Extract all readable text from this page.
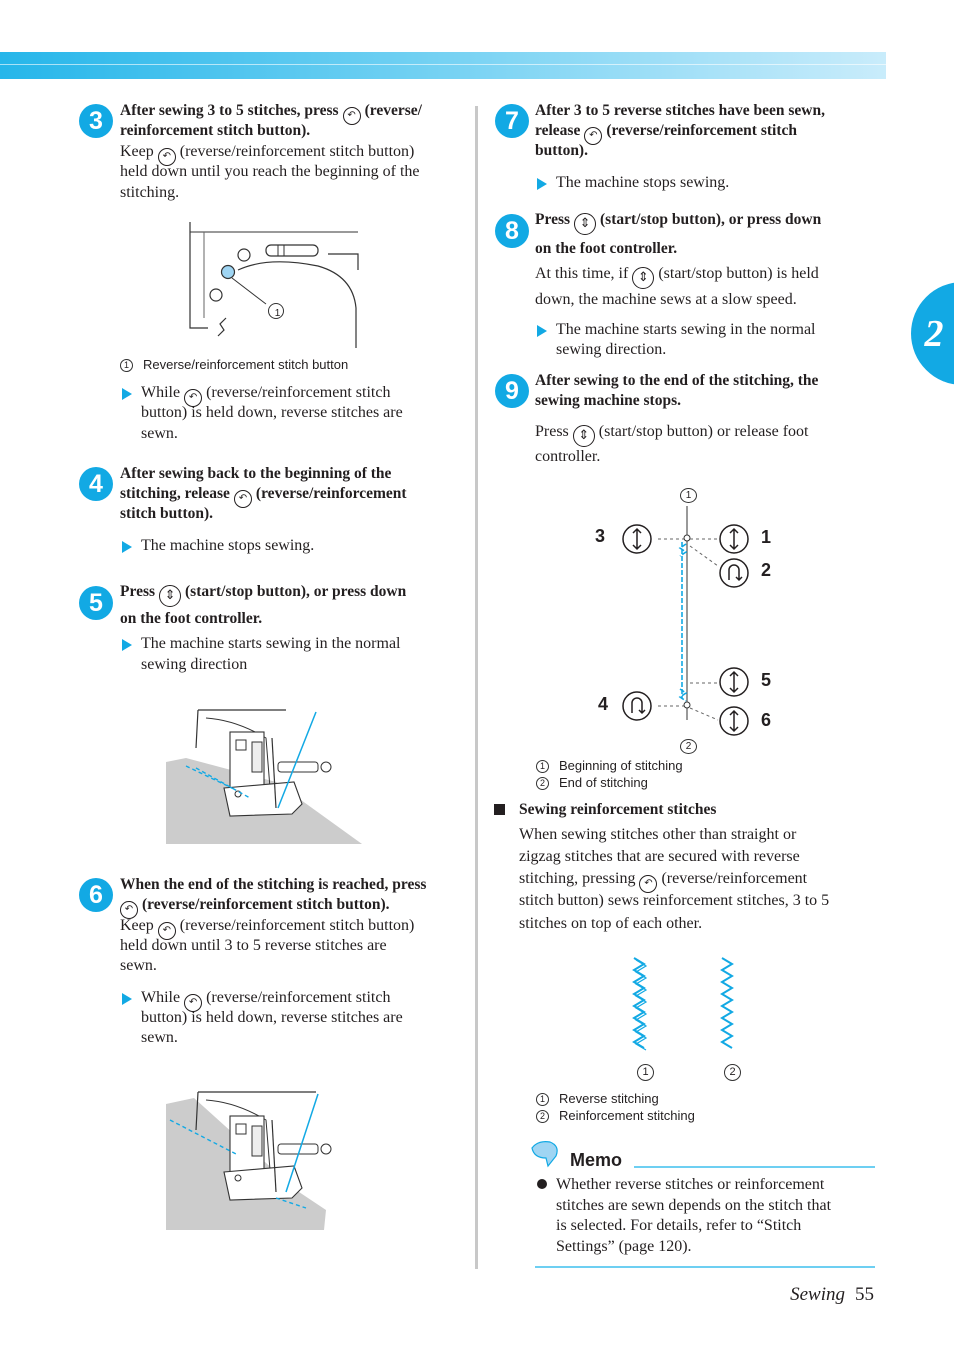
2
3	After sewing 3 to 5 stitches, press ↶ (reverse/
reinforcement stitch button).
Keep ↶ (reverse/reinforcement stitch button)
held down until you reach the beginning of the
stitching.
1
1 Reverse/reinforcement stitch button
While ↶ (reverse/reinforcement stitch
button) is held down, reverse stitches are
sewn.
4	After sewing back to the beginning of the
stitching, release ↶ (reverse/reinforcement
stitch button).
The machine stops sewing.
5	Press ⇕ (start/stop button), or press down
on the foot controller.
The machine starts sewing in the normal
sewing direction
6	When the end of the stitching is reached, press
↶ (reverse/reinforcement stitch button).
Keep ↶ (reverse/reinforcement stitch button)
held down until 3 to 5 reverse stitches are
sewn.
While ↶ (reverse/reinforcement stitch
button) is held down, reverse stitches are
sewn.
7	After 3 to 5 reverse stitches have been sewn,
release ↶ (reverse/reinforcement stitch
button).
The machine stops sewing.
8	Press ⇕ (start/stop button), or press down
on the foot controller.
At this time, if ⇕ (start/stop button) is held
down, the machine sews at a slow speed.
The machine starts sewing in the normal
sewing direction.
9	After sewing to the end of the stitching, the
sewing machine stops.
Press ⇕ (start/stop button) or release foot
controller.
1
2
3	1
2
5
4
6
1 Beginning of stitching
2 End of stitching
Sewing reinforcement stitches
When sewing stitches other than straight or
zigzag stitches that are secured with reverse
stitching, pressing ↶ (reverse/reinforcement
stitch button) sews reinforcement stitches, 3 to 5
stitches on top of each other.
1	2
1 Reverse stitching
2 Reinforcement stitching
Memo
Whether reverse stitches or reinforcement
stitches are sewn depends on the stitch that
is selected. For details, refer to “Stitch
Settings” (page 120).
Sewing 55
